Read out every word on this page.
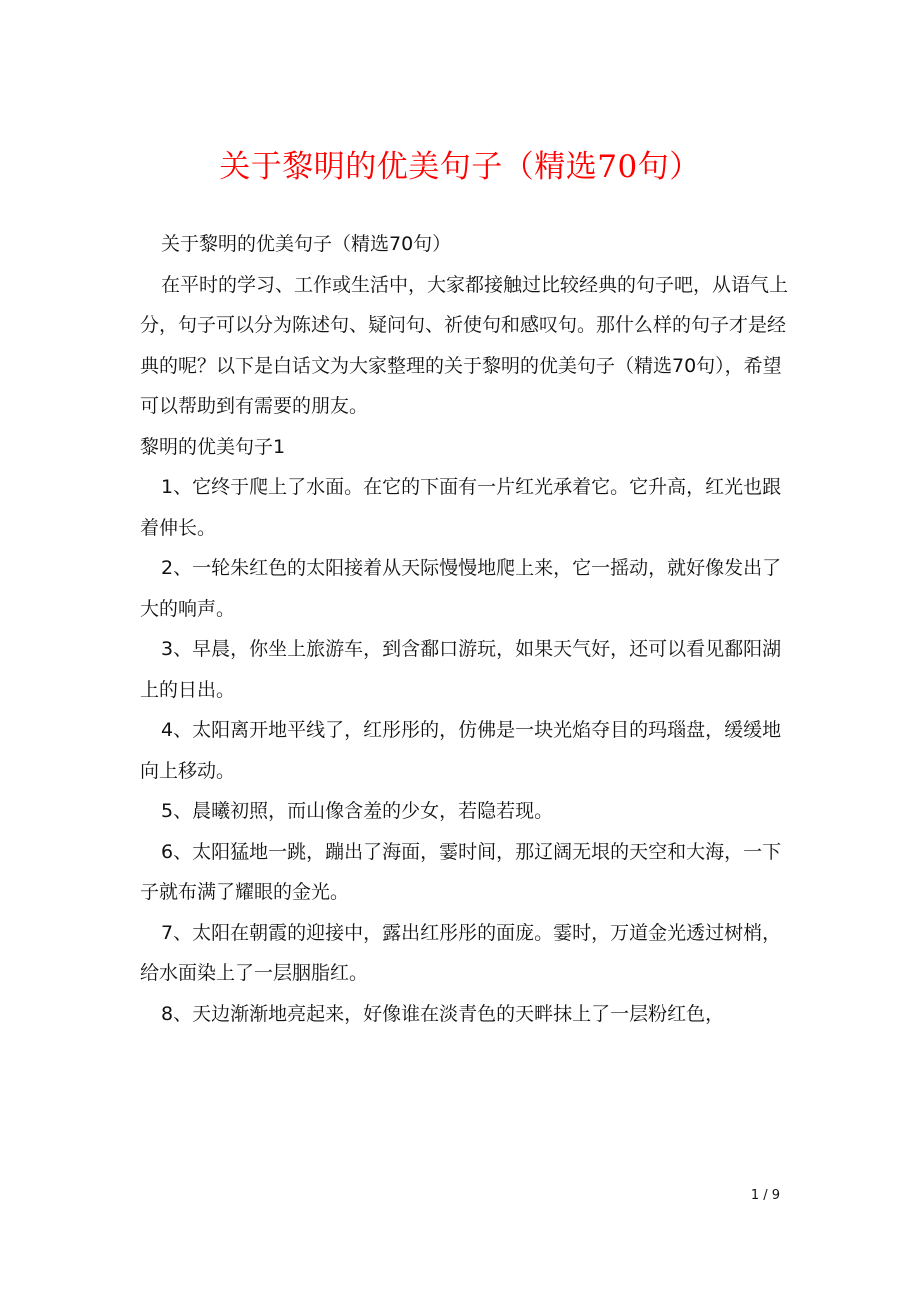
关于黎明的优美句子（精选70句）

关于黎明的优美句子（精选70句）

在平时的学习、工作或生活中，大家都接触过比较经典的句子吧，从语气上分，句子可以分为陈述句、疑问句、祈使句和感叹句。那什么样的句子才是经典的呢？以下是白话文为大家整理的关于黎明的优美句子（精选70句），希望可以帮助到有需要的朋友。

黎明的优美句子1

1、它终于爬上了水面。在它的下面有一片红光承着它。它升高，红光也跟着伸长。

2、一轮朱红色的太阳接着从天际慢慢地爬上来，它一摇动，就好像发出了大的响声。

3、早晨，你坐上旅游车，到含鄱口游玩，如果天气好，还可以看见鄱阳湖上的日出。

4、太阳离开地平线了，红彤彤的，仿佛是一块光焰夺目的玛瑙盘，缓缓地向上移动。

5、晨曦初照，而山像含羞的少女，若隐若现。

6、太阳猛地一跳，蹦出了海面，霎时间，那辽阔无垠的天空和大海，一下子就布满了耀眼的金光。

7、太阳在朝霞的迎接中，露出红彤彤的面庞。霎时，万道金光透过树梢，给水面染上了一层胭脂红。

8、天边渐渐地亮起来，好像谁在淡青色的天畔抹上了一层粉红色，

1 / 9
